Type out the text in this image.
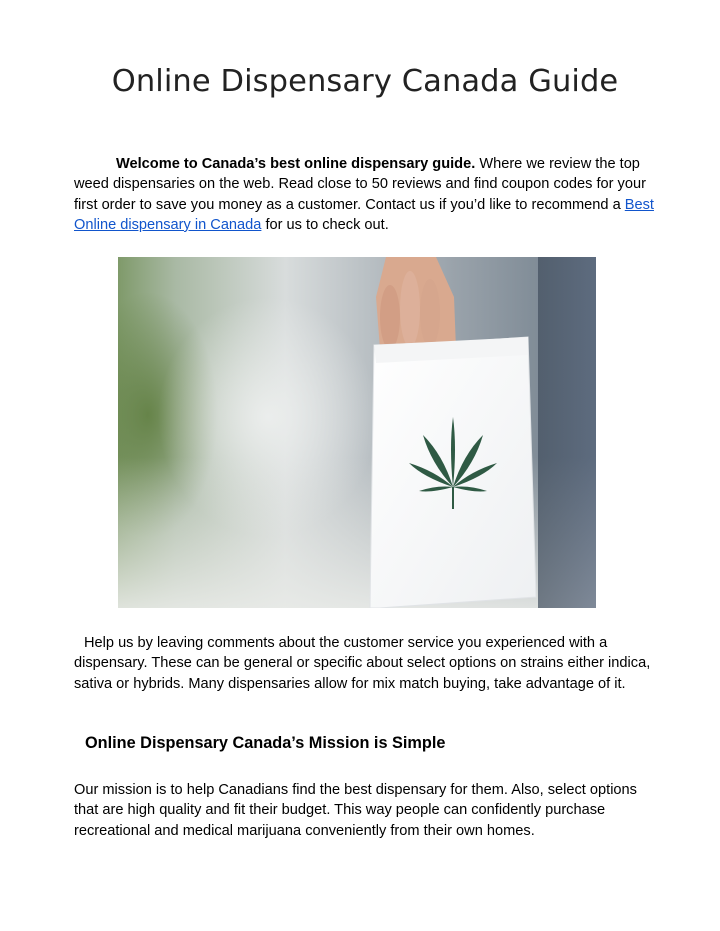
Online Dispensary Canada Guide

Welcome to Canada’s best online dispensary guide. Where we review the top weed dispensaries on the web. Read close to 50 reviews and find coupon codes for your first order to save you money as a customer. Contact us if you’d like to recommend a Best Online dispensary in Canada for us to check out.

Help us by leaving comments about the customer service you experienced with a dispensary. These can be general or specific about select options on strains either indica, sativa or hybrids. Many dispensaries allow for mix match buying, take advantage of it.

Online Dispensary Canada’s Mission is Simple

Our mission is to help Canadians find the best dispensary for them. Also, select options that are high quality and fit their budget. This way people can confidently purchase recreational and medical marijuana conveniently from their own homes.
